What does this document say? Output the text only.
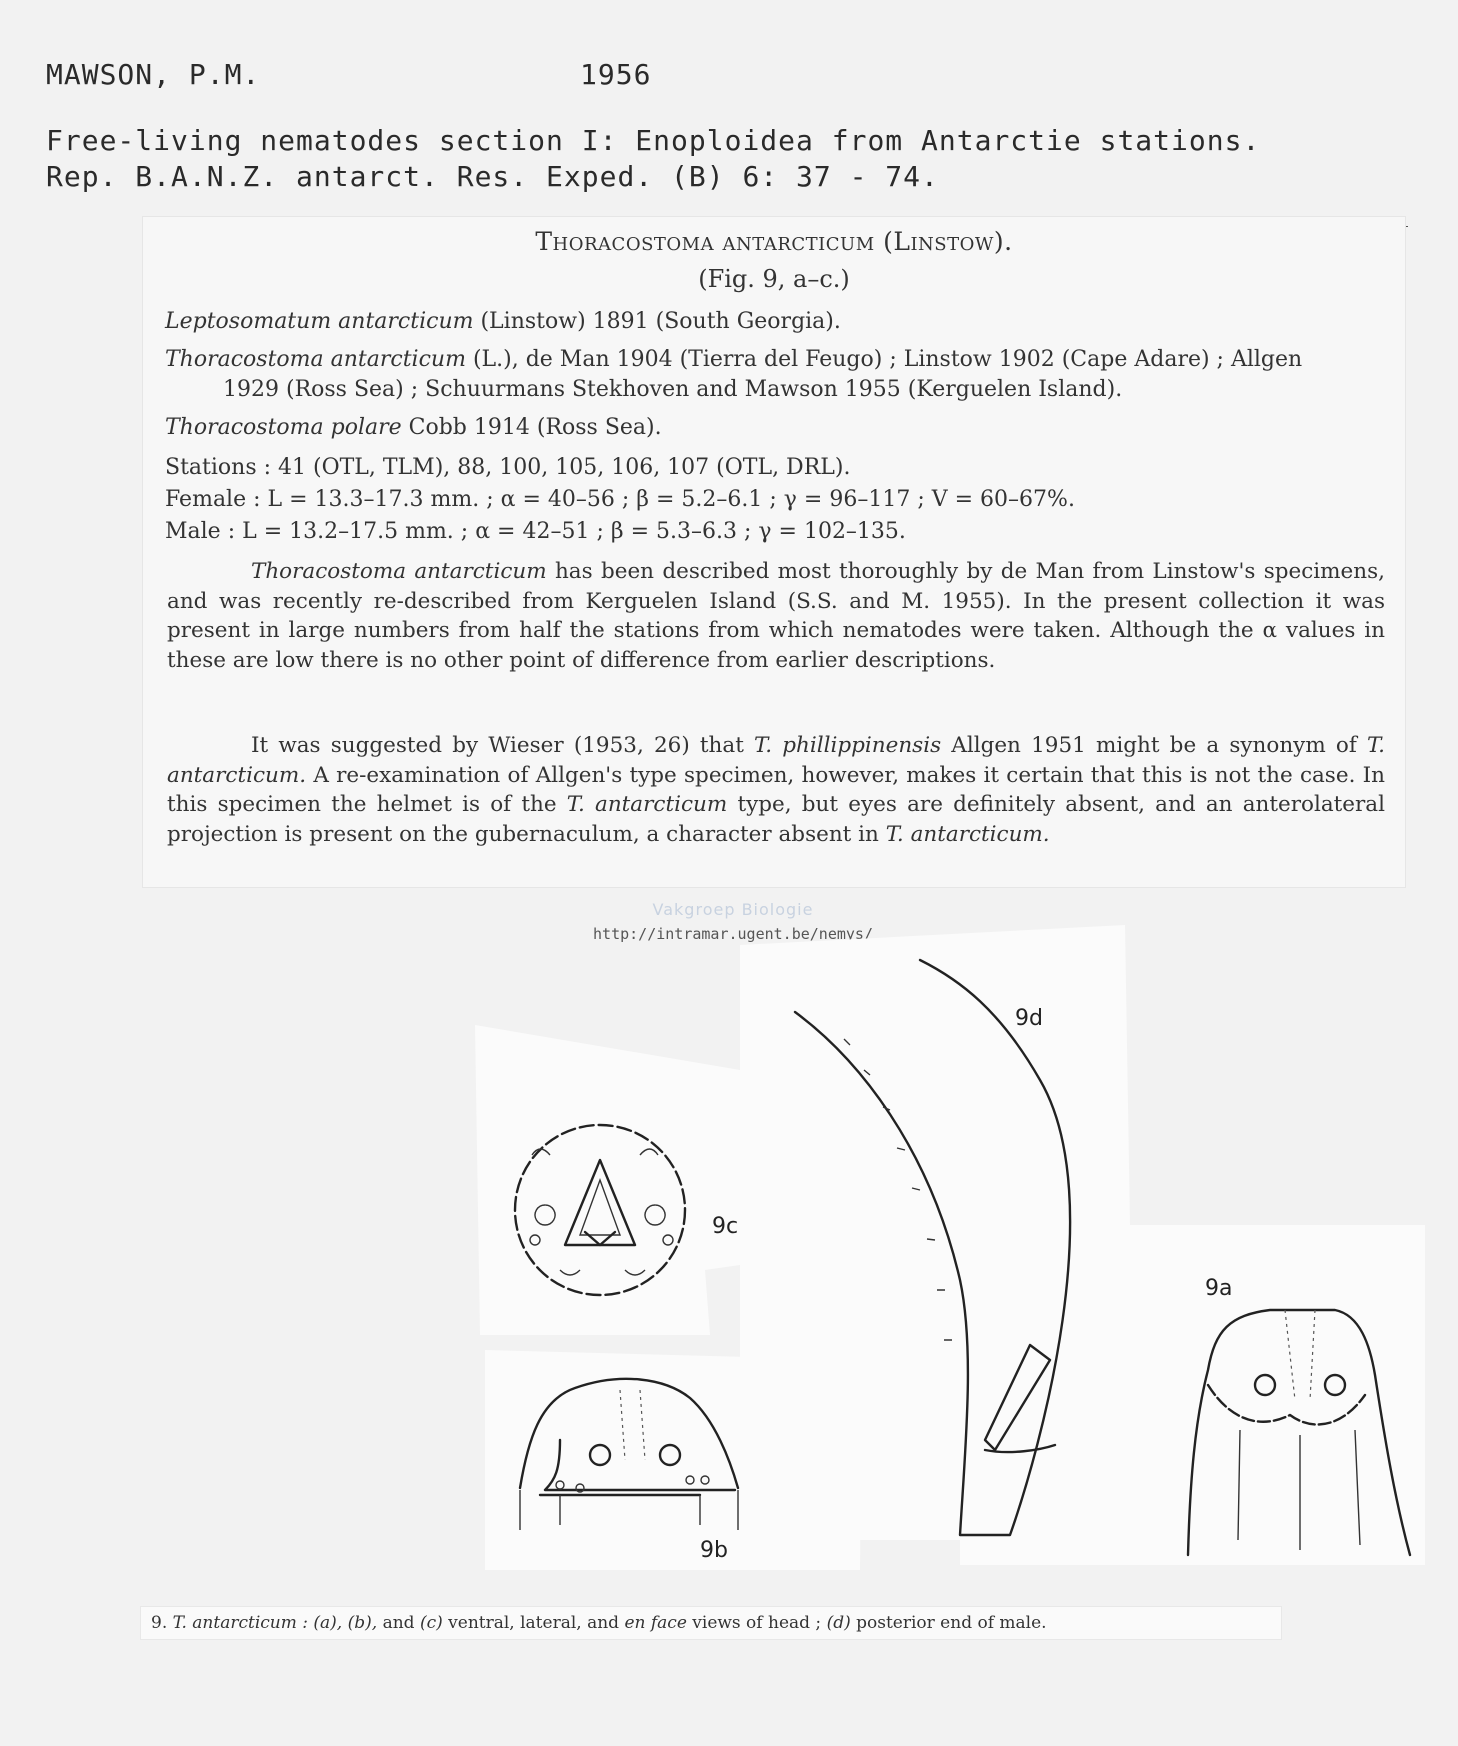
MAWSON, P.M.	1956
Free-living nematodes section I: Enoploidea from Antarctie stations.
Rep. B.A.N.Z. antarct. Res. Exped. (B) 6: 37 - 74.
Thoracostoma antarcticum (Linstow).
(Fig. 9, a–c.)
Leptosomatum antarcticum (Linstow) 1891 (South Georgia).
Thoracostoma antarcticum (L.), de Man 1904 (Tierra del Feugo) ; Linstow 1902 (Cape Adare) ; Allgen
1929 (Ross Sea) ; Schuurmans Stekhoven and Mawson 1955 (Kerguelen Island).
Thoracostoma polare Cobb 1914 (Ross Sea).
Stations : 41 (OTL, TLM), 88, 100, 105, 106, 107 (OTL, DRL).
Female : L = 13.3–17.3 mm. ; α = 40–56 ; β = 5.2–6.1 ; γ = 96–117 ; V = 60–67%.
Male : L = 13.2–17.5 mm. ; α = 42–51 ; β = 5.3–6.3 ; γ = 102–135.

Thoracostoma antarcticum has been described most thoroughly by de Man from Linstow's specimens, and was recently re-described from Kerguelen Island (S.S. and M. 1955). In the present collection it was present in large numbers from half the stations from which nematodes were taken. Although the α values in these are low there is no other point of difference from earlier descriptions.

It was suggested by Wieser (1953, 26) that T. phillippinensis Allgen 1951 might be a synonym of T. antarcticum. A re-examination of Allgen's type specimen, however, makes it certain that this is not the case. In this specimen the helmet is of the T. antarcticum type, but eyes are definitely absent, and an anterolateral projection is present on the gubernaculum, a character absent in T. antarcticum.

Vakgroep Biologie
http://intramar.ugent.be/nemys/
9c
9b
9d
9a
9. T. antarcticum : (a), (b), and (c) ventral, lateral, and en face views of head ; (d) posterior end of male.
